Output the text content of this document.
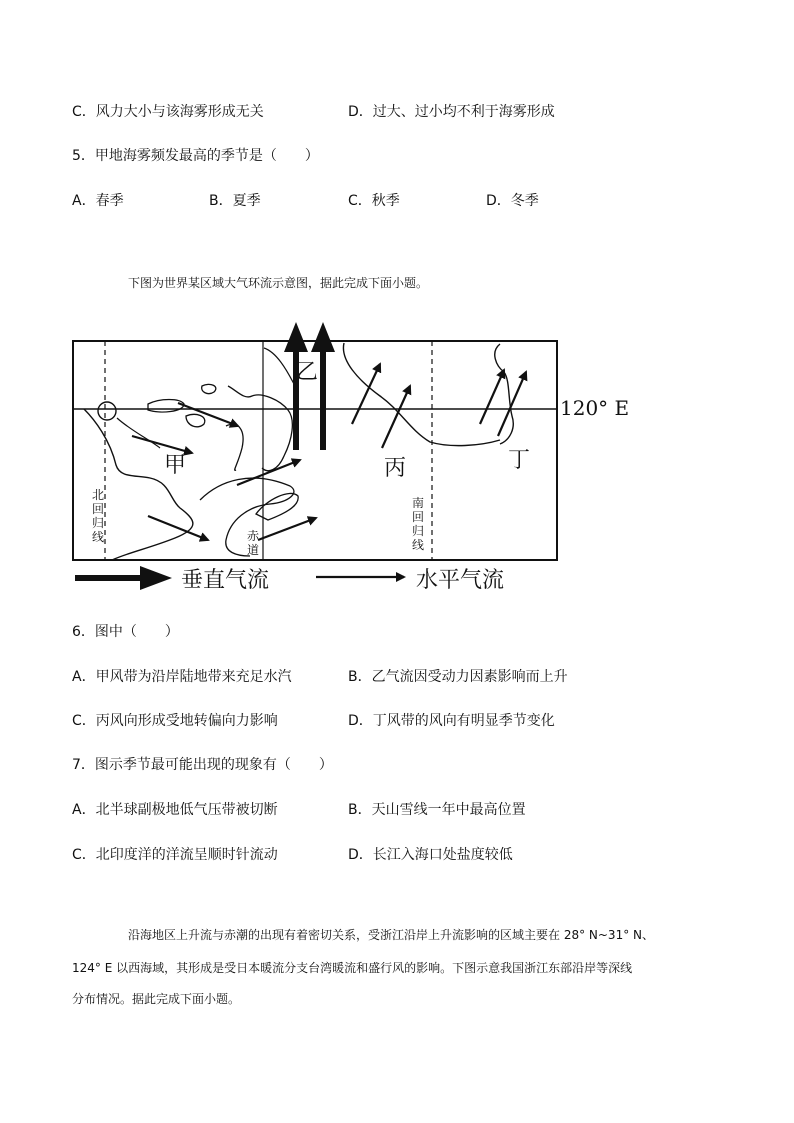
C．风力大小与该海雾形成无关	D．过大、过小均不利于海雾形成
5．甲地海雾频发最高的季节是（　　）
A．春季	B．夏季	C．秋季	D．冬季
下图为世界某区域大气环流示意图，据此完成下面小题。
乙
甲	丙	丁
120° E
北回归线	赤道
南回归线
垂直气流	水平气流
6．图中（　　）
A．甲风带为沿岸陆地带来充足水汽	B．乙气流因受动力因素影响而上升
C．丙风向形成受地转偏向力影响	D．丁风带的风向有明显季节变化
7．图示季节最可能出现的现象有（　　）
A．北半球副极地低气压带被切断	B．天山雪线一年中最高位置
C．北印度洋的洋流呈顺时针流动	D．长江入海口处盐度较低
沿海地区上升流与赤潮的出现有着密切关系，受浙江沿岸上升流影响的区域主要在 28° N~31° N、
124° E 以西海域，其形成是受日本暖流分支台湾暖流和盛行风的影响。下图示意我国浙江东部沿岸等深线
分布情况。据此完成下面小题。
